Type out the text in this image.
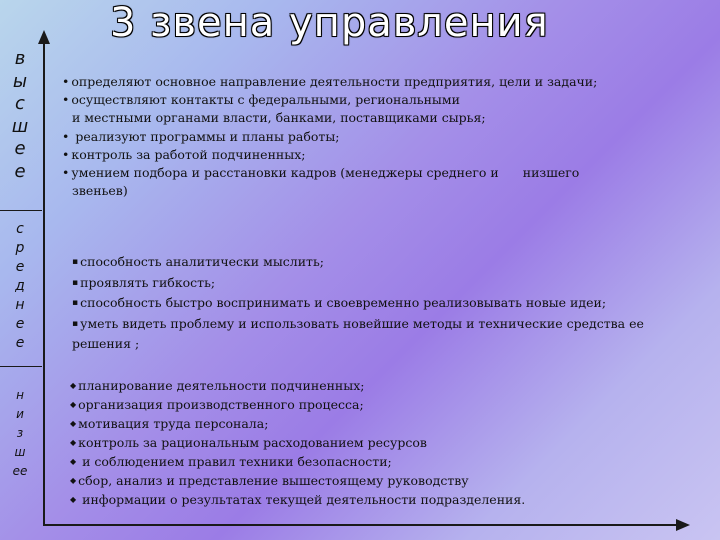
3 звена управления
в
ы
с
ш
е
е
с
р
е
д
н
е
е
н
и
з
ш
ее
• определяют основное направление деятельности предприятия, цели и задачи;
• осуществляют контакты с федеральными, региональными
и местными органами власти, банками, поставщиками сырья;
• реализуют программы и планы работы;
• контроль за работой подчиненных;
• умением подбора и расстановки кадров (менеджеры среднего и низшего
звеньев)
▪ способность аналитически мыслить;
▪ проявлять гибкость;
▪ способность быстро воспринимать и своевременно реализовывать новые идеи;
▪ уметь видеть проблему и использовать новейшие методы и технические средства ее
решения ;
◆ планирование деятельности подчиненных;
◆ организация производственного процесса;
◆ мотивация труда персонала;
◆ контроль за рациональным расходованием ресурсов
◆ и соблюдением правил техники безопасности;
◆ сбор, анализ и представление вышестоящему руководству
◆ информации о результатах текущей деятельности подразделения.
